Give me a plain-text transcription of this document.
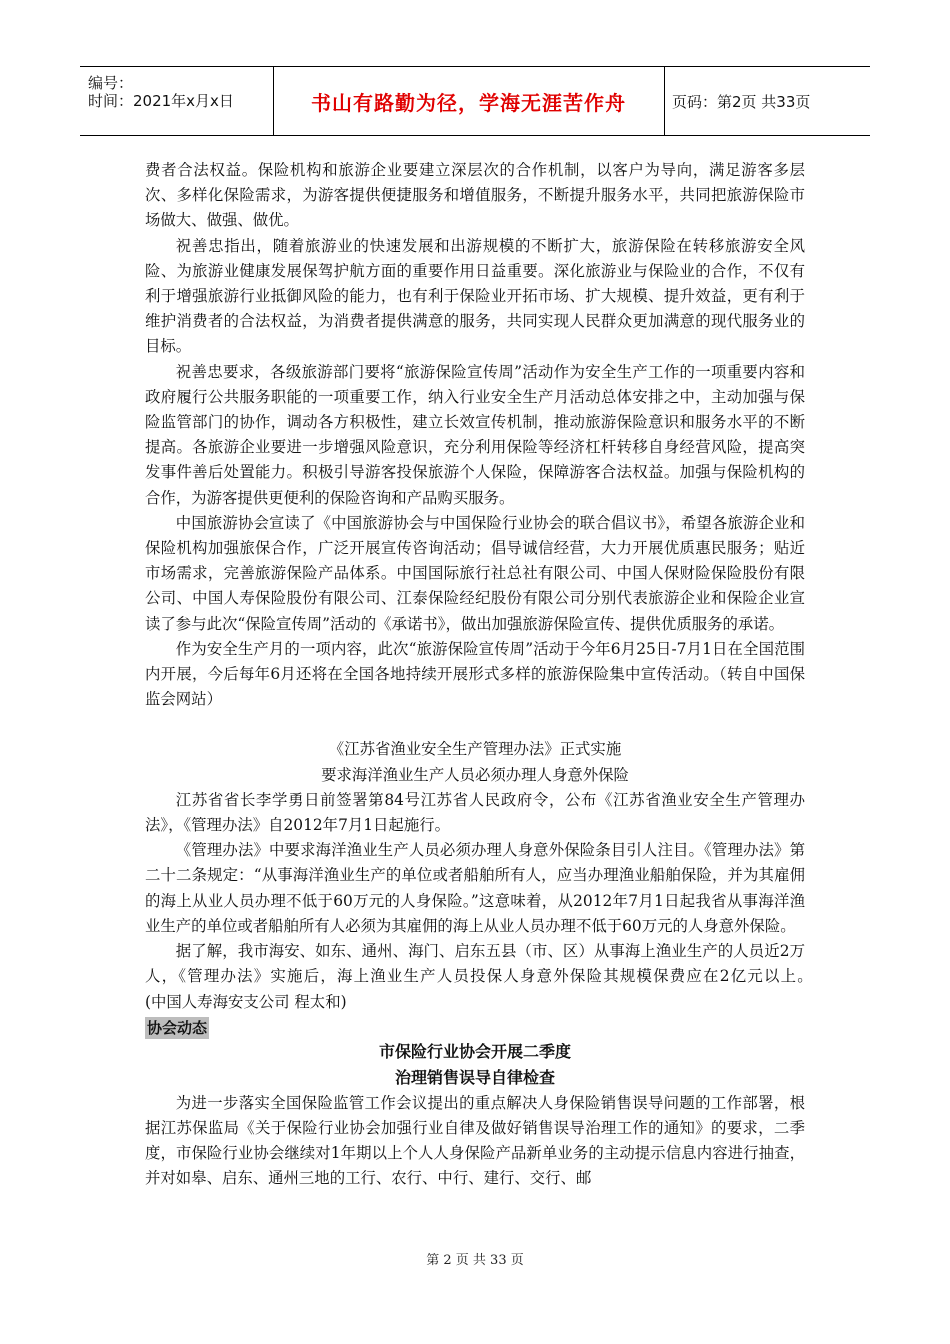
编号：
时间：2021年x月x日	书山有路勤为径，学海无涯苦作舟	页码：第2页 共33页

费者合法权益。保险机构和旅游企业要建立深层次的合作机制，以客户为导向，满足游客多层次、多样化保险需求，为游客提供便捷服务和增值服务，不断提升服务水平，共同把旅游保险市场做大、做强、做优。

祝善忠指出，随着旅游业的快速发展和出游规模的不断扩大，旅游保险在转移旅游安全风险、为旅游业健康发展保驾护航方面的重要作用日益重要。深化旅游业与保险业的合作，不仅有利于增强旅游行业抵御风险的能力，也有利于保险业开拓市场、扩大规模、提升效益，更有利于维护消费者的合法权益，为消费者提供满意的服务，共同实现人民群众更加满意的现代服务业的目标。

祝善忠要求，各级旅游部门要将“旅游保险宣传周”活动作为安全生产工作的一项重要内容和政府履行公共服务职能的一项重要工作，纳入行业安全生产月活动总体安排之中，主动加强与保险监管部门的协作，调动各方积极性，建立长效宣传机制，推动旅游保险意识和服务水平的不断提高。各旅游企业要进一步增强风险意识，充分利用保险等经济杠杆转移自身经营风险，提高突发事件善后处置能力。积极引导游客投保旅游个人保险，保障游客合法权益。加强与保险机构的合作，为游客提供更便利的保险咨询和产品购买服务。

中国旅游协会宣读了《中国旅游协会与中国保险行业协会的联合倡议书》，希望各旅游企业和保险机构加强旅保合作，广泛开展宣传咨询活动；倡导诚信经营，大力开展优质惠民服务；贴近市场需求，完善旅游保险产品体系。中国国际旅行社总社有限公司、中国人保财险保险股份有限公司、中国人寿保险股份有限公司、江泰保险经纪股份有限公司分别代表旅游企业和保险企业宣读了参与此次“保险宣传周”活动的《承诺书》，做出加强旅游保险宣传、提供优质服务的承诺。

作为安全生产月的一项内容，此次“旅游保险宣传周”活动于今年6月25日-7月1日在全国范围内开展，今后每年6月还将在全国各地持续开展形式多样的旅游保险集中宣传活动。（转自中国保监会网站）

《江苏省渔业安全生产管理办法》正式实施

要求海洋渔业生产人员必须办理人身意外保险

江苏省省长李学勇日前签署第84号江苏省人民政府令，公布《江苏省渔业安全生产管理办法》，《管理办法》自2012年7月1日起施行。

《管理办法》中要求海洋渔业生产人员必须办理人身意外保险条目引人注目。《管理办法》第二十二条规定：“从事海洋渔业生产的单位或者船舶所有人，应当办理渔业船舶保险，并为其雇佣的海上从业人员办理不低于60万元的人身保险。”这意味着，从2012年7月1日起我省从事海洋渔业生产的单位或者船舶所有人必须为其雇佣的海上从业人员办理不低于60万元的人身意外保险。

据了解，我市海安、如东、通州、海门、启东五县（市、区）从事海上渔业生产的人员近2万人，《管理办法》实施后，海上渔业生产人员投保人身意外保险其规模保费应在2亿元以上。　　(中国人寿海安支公司 程太和)

协会动态

市保险行业协会开展二季度

治理销售误导自律检查

为进一步落实全国保险监管工作会议提出的重点解决人身保险销售误导问题的工作部署，根据江苏保监局《关于保险行业协会加强行业自律及做好销售误导治理工作的通知》的要求，二季度，市保险行业协会继续对1年期以上个人人身保险产品新单业务的主动提示信息内容进行抽查，并对如皋、启东、通州三地的工行、农行、中行、建行、交行、邮

第 2 页 共 33 页
